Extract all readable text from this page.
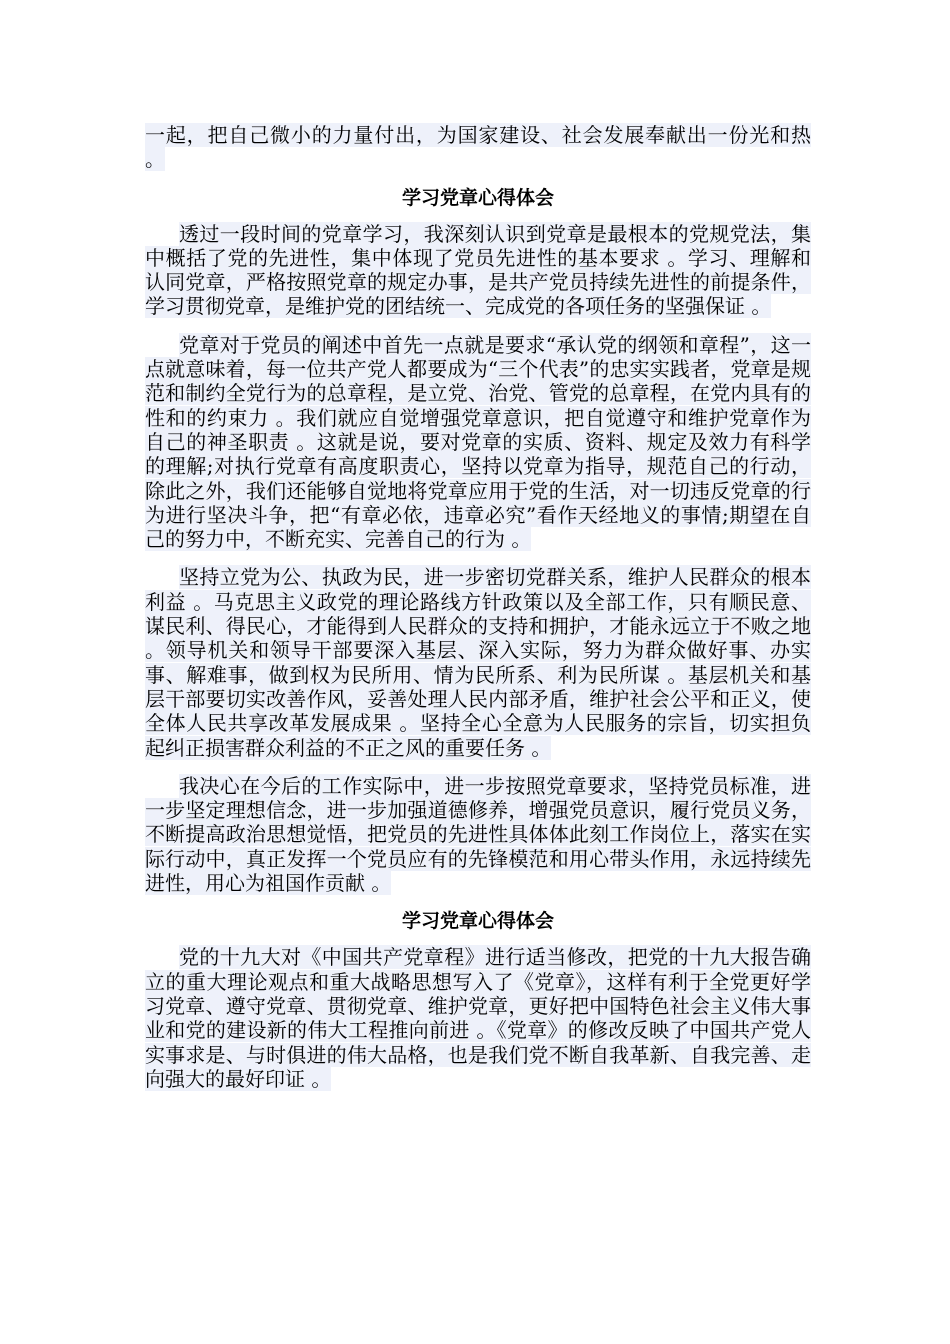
一起，把自己微小的力量付出，为国家建设、社会发展奉献出一份光和热 。

学习党章心得体会

透过一段时间的党章学习，我深刻认识到党章是最根本的党规党法，集中概括了党的先进性，集中体现了党员先进性的基本要求 。学习、理解和认同党章，严格按照党章的规定办事，是共产党员持续先进性的前提条件，学习贯彻党章，是维护党的团结统一、完成党的各项任务的坚强保证 。

党章对于党员的阐述中首先一点就是要求“承认党的纲领和章程”，这一点就意味着，每一位共产党人都要成为“三个代表”的忠实实践者，党章是规范和制约全党行为的总章程，是立党、治党、管党的总章程，在党内具有的性和的约束力 。我们就应自觉增强党章意识，把自觉遵守和维护党章作为自己的神圣职责 。这就是说，要对党章的实质、资料、规定及效力有科学的理解;对执行党章有高度职责心，坚持以党章为指导，规范自己的行动，除此之外，我们还能够自觉地将党章应用于党的生活，对一切违反党章的行为进行坚决斗争，把“有章必依，违章必究”看作天经地义的事情;期望在自己的努力中，不断充实、完善自己的行为 。

坚持立党为公、执政为民，进一步密切党群关系，维护人民群众的根本利益 。马克思主义政党的理论路线方针政策以及全部工作，只有顺民意、谋民利、得民心，才能得到人民群众的支持和拥护，才能永远立于不败之地 。领导机关和领导干部要深入基层、深入实际，努力为群众做好事、办实事、解难事，做到权为民所用、情为民所系、利为民所谋 。基层机关和基层干部要切实改善作风，妥善处理人民内部矛盾，维护社会公平和正义，使全体人民共享改革发展成果 。坚持全心全意为人民服务的宗旨，切实担负起纠正损害群众利益的不正之风的重要任务 。

我决心在今后的工作实际中，进一步按照党章要求，坚持党员标准，进一步坚定理想信念，进一步加强道德修养，增强党员意识，履行党员义务，不断提高政治思想觉悟，把党员的先进性具体体此刻工作岗位上，落实在实际行动中，真正发挥一个党员应有的先锋模范和用心带头作用，永远持续先进性，用心为祖国作贡献 。

学习党章心得体会

党的十九大对《中国共产党章程》进行适当修改，把党的十九大报告确立的重大理论观点和重大战略思想写入了《党章》，这样有利于全党更好学习党章、遵守党章、贯彻党章、维护党章，更好把中国特色社会主义伟大事业和党的建设新的伟大工程推向前进 。《党章》的修改反映了中国共产党人实事求是、与时俱进的伟大品格，也是我们党不断自我革新、自我完善、走向强大的最好印证 。
